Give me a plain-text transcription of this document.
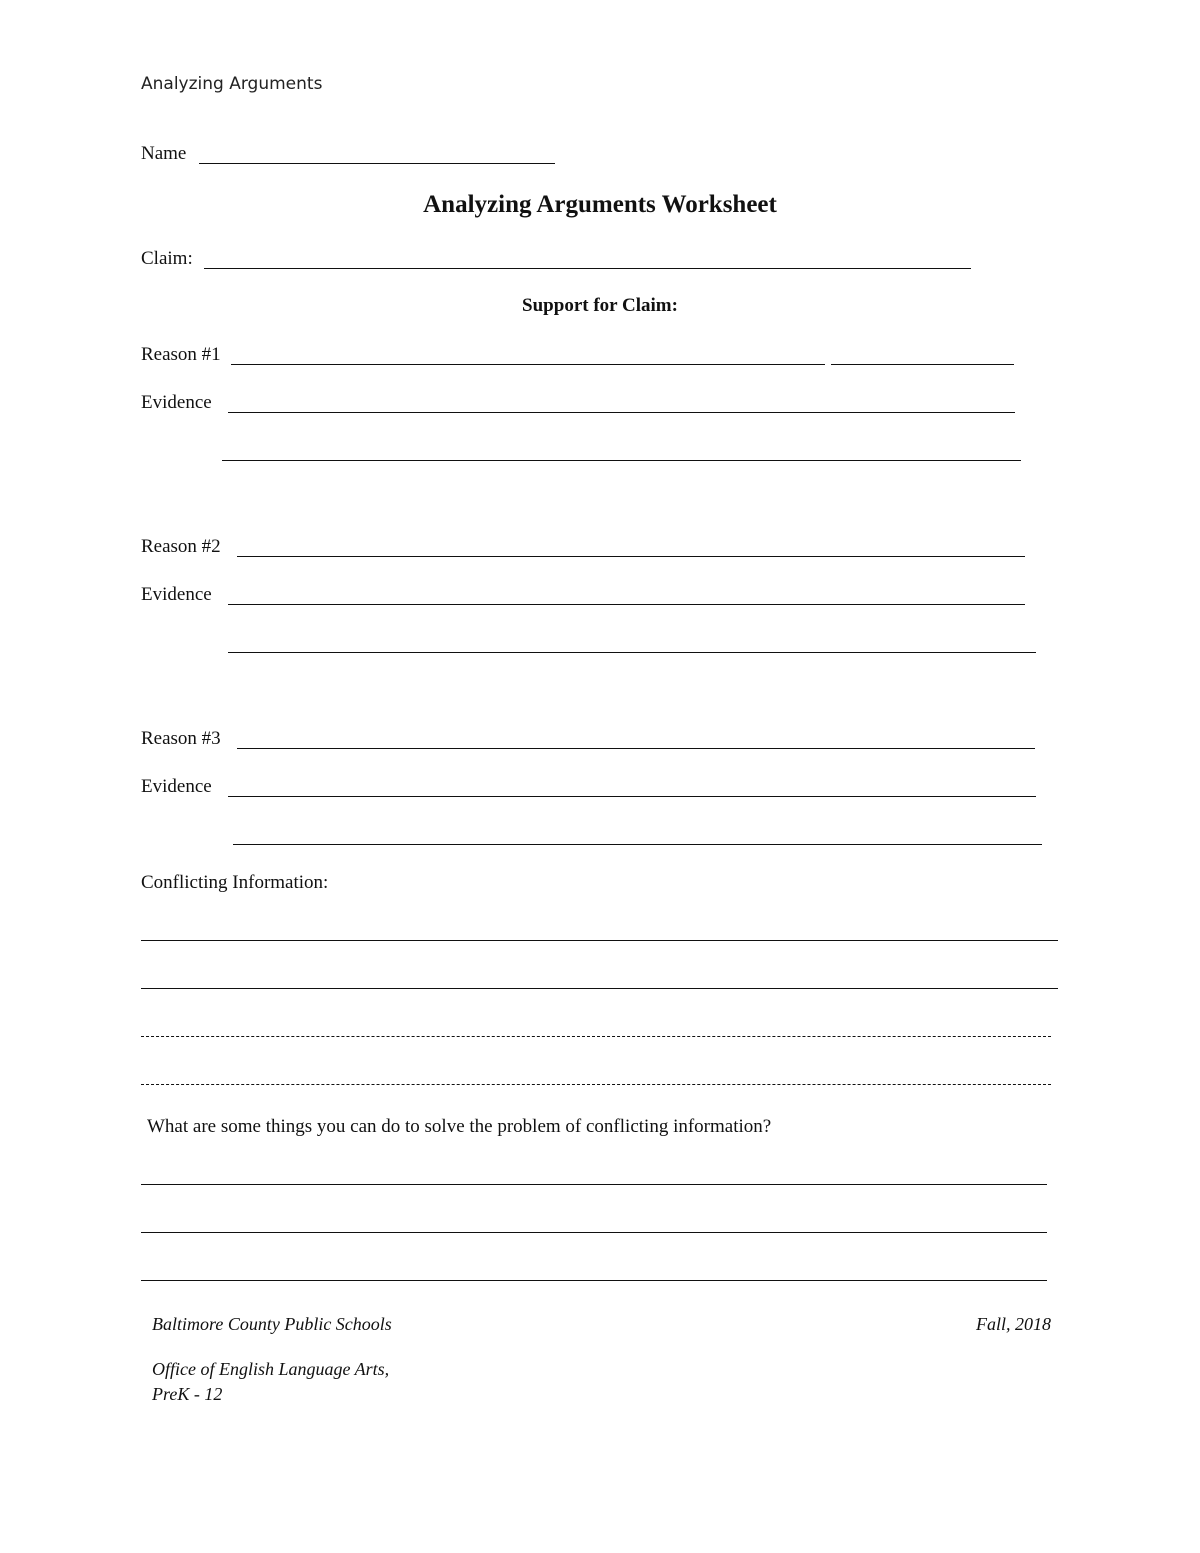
Analyzing Arguments
Name
Analyzing Arguments Worksheet
Claim:
Support for Claim:
Reason #1
Evidence
Reason #2
Evidence
Reason #3
Evidence
Conflicting Information:
What are some things you can do to solve the problem of conflicting information?
Baltimore County Public Schools	Fall, 2018
Office of English Language Arts,
PreK - 12
